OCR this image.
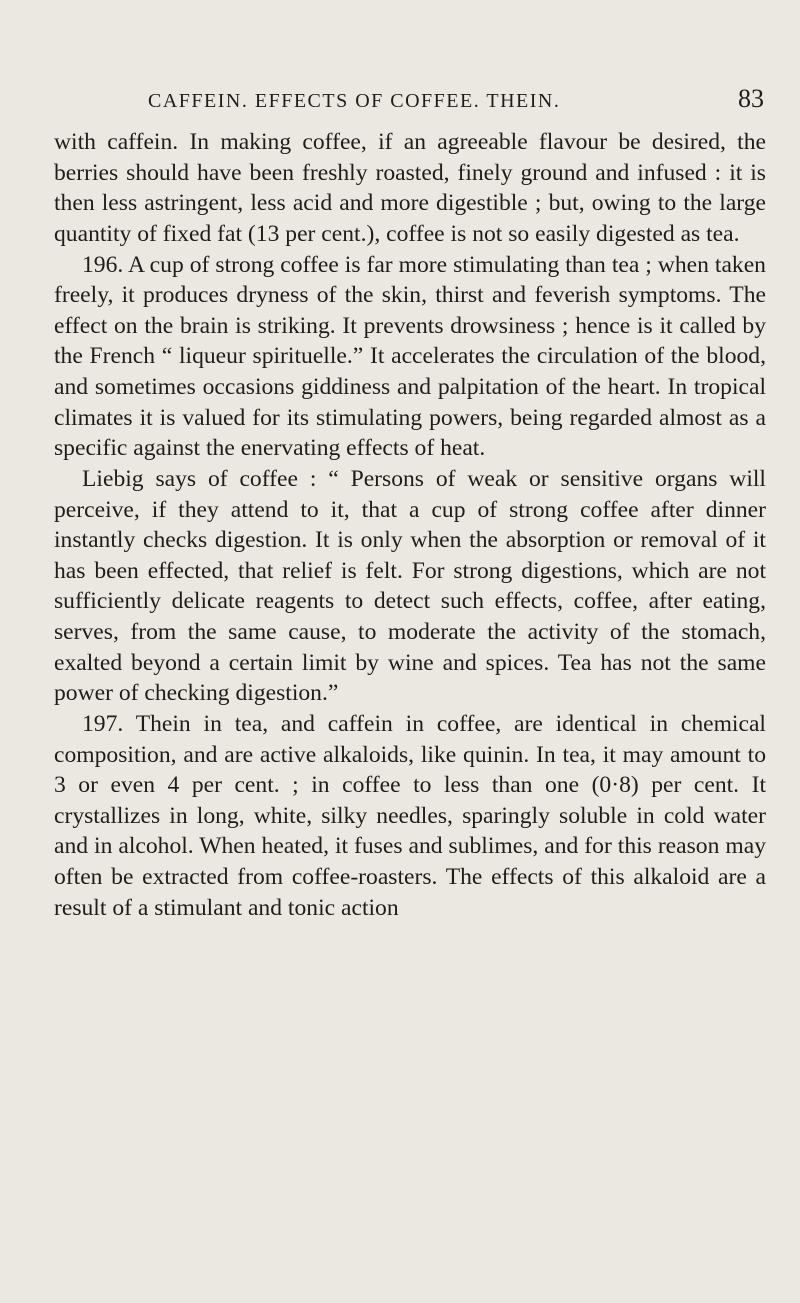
CAFFEIN. EFFECTS OF COFFEE. THEIN.	83

with caffein. In making coffee, if an agreeable flavour be desired, the berries should have been freshly roasted, finely ground and infused : it is then less astringent, less acid and more digestible ; but, owing to the large quantity of fixed fat (13 per cent.), coffee is not so easily digested as tea.

196. A cup of strong coffee is far more stimulating than tea ; when taken freely, it produces dryness of the skin, thirst and feverish symptoms. The effect on the brain is striking. It prevents drowsiness ; hence is it called by the French “ liqueur spirituelle.” It accelerates the circulation of the blood, and sometimes occasions giddiness and palpitation of the heart. In tropical climates it is valued for its stimulating powers, being regarded almost as a specific against the enervating effects of heat.

Liebig says of coffee : “ Persons of weak or sensitive organs will perceive, if they attend to it, that a cup of strong coffee after dinner instantly checks digestion. It is only when the absorption or removal of it has been effected, that relief is felt. For strong digestions, which are not sufficiently delicate reagents to detect such effects, coffee, after eating, serves, from the same cause, to moderate the activity of the stomach, exalted beyond a certain limit by wine and spices. Tea has not the same power of checking digestion.”

197. Thein in tea, and caffein in coffee, are identical in chemical composition, and are active alkaloids, like quinin. In tea, it may amount to 3 or even 4 per cent. ; in coffee to less than one (0·8) per cent. It crystallizes in long, white, silky needles, sparingly soluble in cold water and in alcohol. When heated, it fuses and sublimes, and for this reason may often be extracted from coffee-roasters. The effects of this alkaloid are a result of a stimulant and tonic action
